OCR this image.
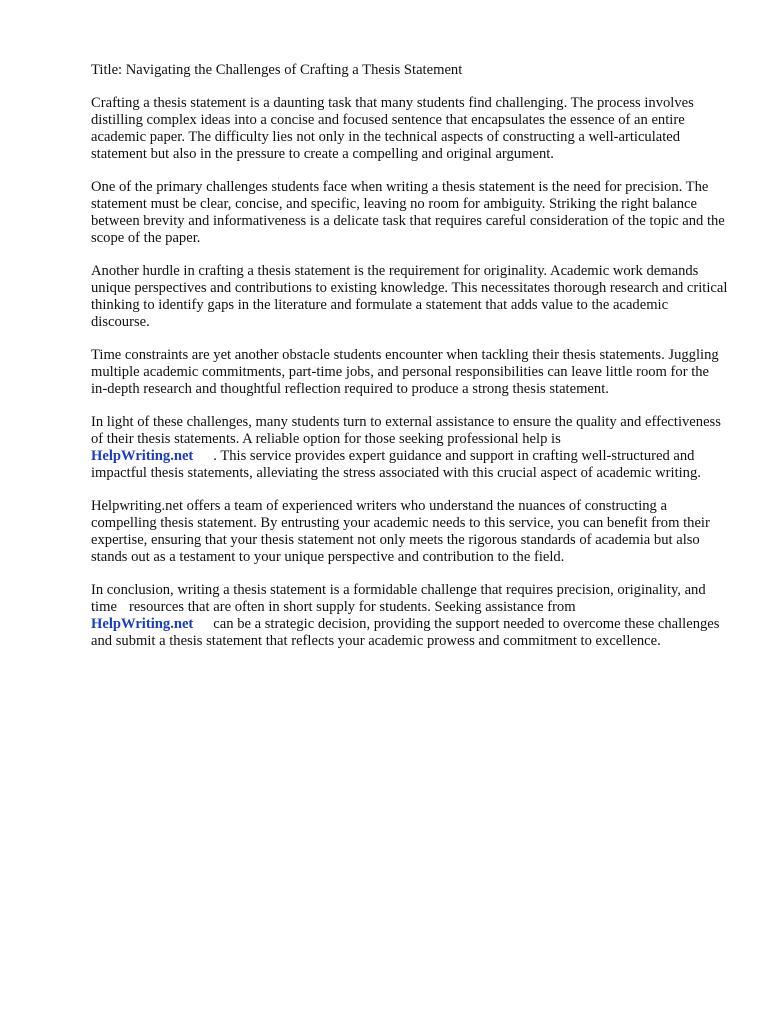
Title: Navigating the Challenges of Crafting a Thesis Statement

Crafting a thesis statement is a daunting task that many students find challenging. The process involves distilling complex ideas into a concise and focused sentence that encapsulates the essence of an entire academic paper. The difficulty lies not only in the technical aspects of constructing a well-articulated statement but also in the pressure to create a compelling and original argument.

One of the primary challenges students face when writing a thesis statement is the need for precision. The statement must be clear, concise, and specific, leaving no room for ambiguity. Striking the right balance between brevity and informativeness is a delicate task that requires careful consideration of the topic and the scope of the paper.

Another hurdle in crafting a thesis statement is the requirement for originality. Academic work demands unique perspectives and contributions to existing knowledge. This necessitates thorough research and critical thinking to identify gaps in the literature and formulate a statement that adds value to the academic discourse.

Time constraints are yet another obstacle students encounter when tackling their thesis statements. Juggling multiple academic commitments, part-time jobs, and personal responsibilities can leave little room for the in-depth research and thoughtful reflection required to produce a strong thesis statement.

In light of these challenges, many students turn to external assistance to ensure the quality and effectiveness of their thesis statements. A reliable option for those seeking professional help is
HelpWriting.net . This service provides expert guidance and support in crafting well-structured and impactful thesis statements, alleviating the stress associated with this crucial aspect of academic writing.

Helpwriting.net offers a team of experienced writers who understand the nuances of constructing a compelling thesis statement. By entrusting your academic needs to this service, you can benefit from their expertise, ensuring that your thesis statement not only meets the rigorous standards of academia but also stands out as a testament to your unique perspective and contribution to the field.

In conclusion, writing a thesis statement is a formidable challenge that requires precision, originality, and time resources that are often in short supply for students. Seeking assistance from
HelpWriting.net can be a strategic decision, providing the support needed to overcome these challenges and submit a thesis statement that reflects your academic prowess and commitment to excellence.
